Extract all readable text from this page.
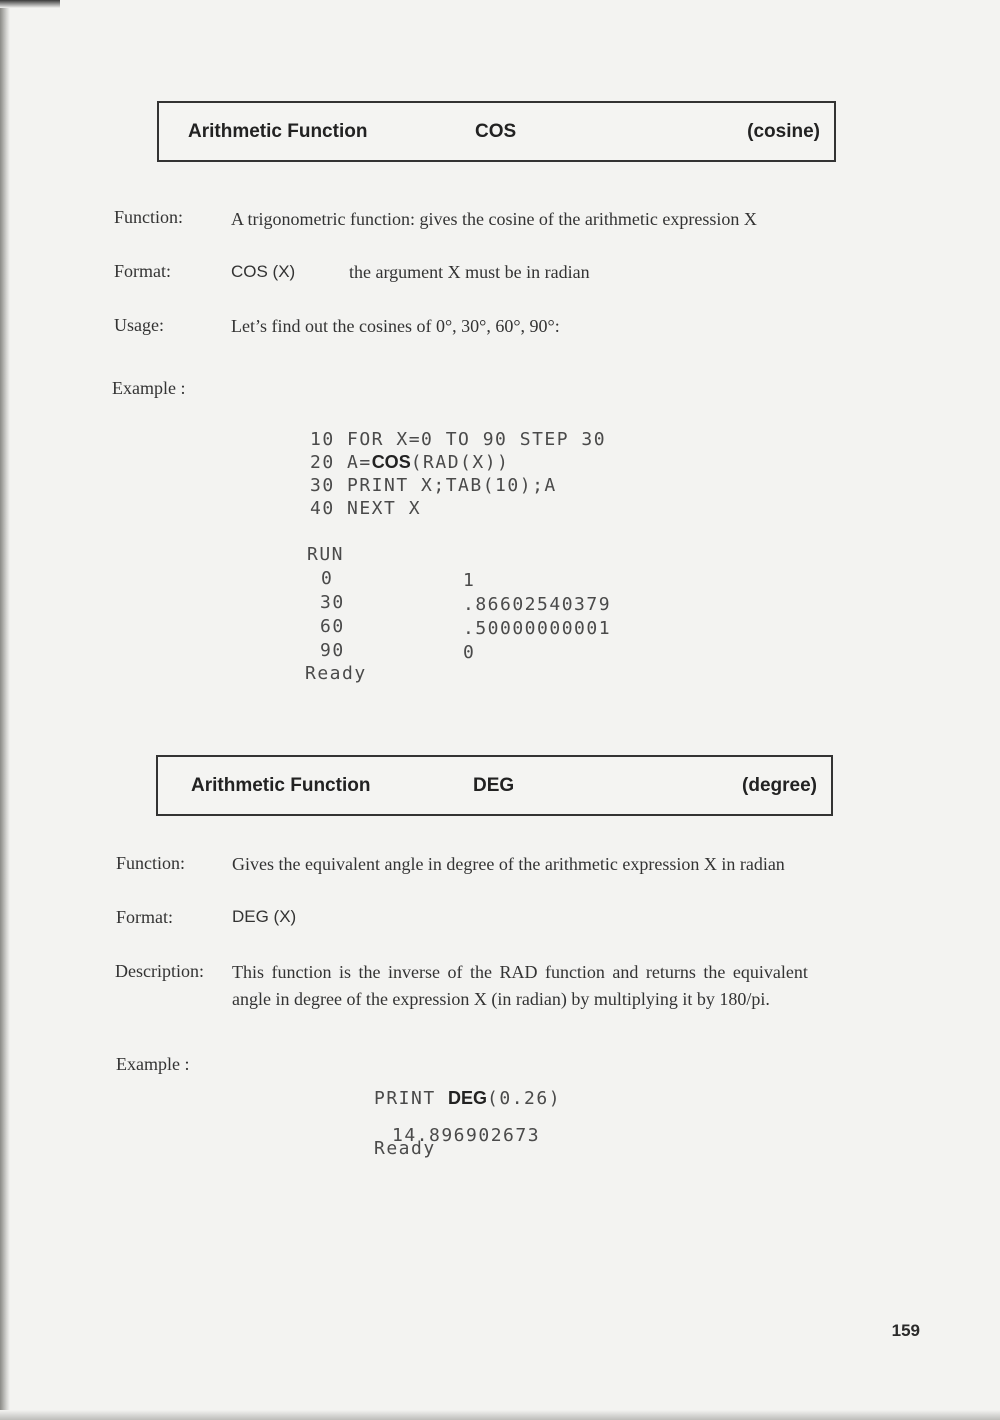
Arithmetic Function	COS	(cosine)
Function:	A trigonometric function: gives the cosine of the arithmetic expression X
Format:	COS (X)	the argument X must be in radian
Usage:	Let’s find out the cosines of 0°, 30°, 60°, 90°:
Example :
10 FOR X=0 TO 90 STEP 30
20 A=COS(RAD(X))
30 PRINT X;TAB(10);A
40 NEXT X
RUN
0	1
30	.86602540379
60	.50000000001
90	0
Ready
Arithmetic Function	DEG	(degree)
Function:	Gives the equivalent angle in degree of the arithmetic expression X in radian
Format:	DEG (X)
Description: This function is the inverse of the RAD function and returns the equivalent
angle in degree of the expression X (in radian) by multiplying it by 180/pi.
Example :
PRINT DEG(0.26)
14.896902673
Ready
159
